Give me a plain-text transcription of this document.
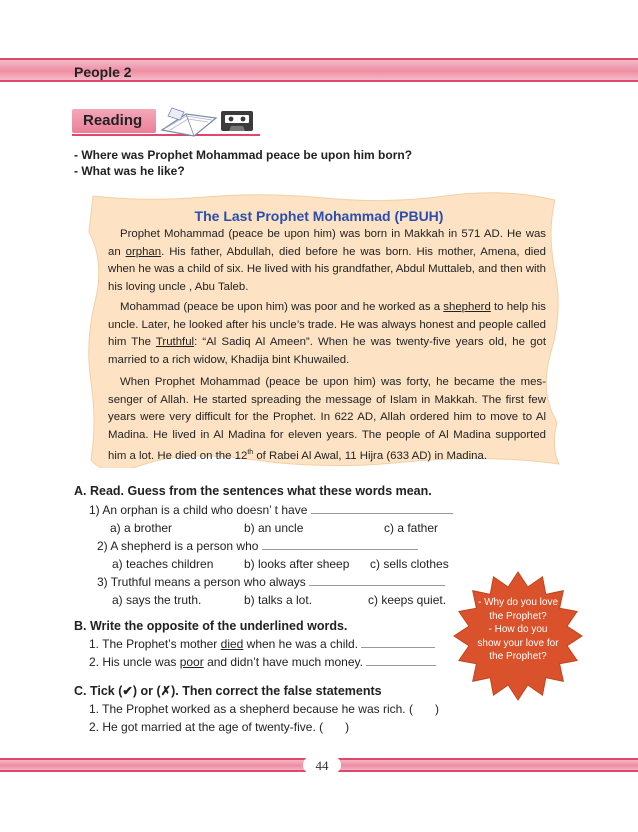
People 2
Reading
- Where was Prophet Mohammad peace be upon him born?
- What was he like?
The Last Prophet Mohammad (PBUH)
Prophet Mohammad (peace be upon him) was born in Makkah in 571 AD. He was an orphan. His father, Abdullah, died before he was born. His mother, Amena, died when he was a child of six. He lived with his grandfather, Abdul Muttaleb, and then with his loving uncle , Abu Taleb.
Mohammad (peace be upon him) was poor and he worked as a shepherd to help his uncle. Later, he looked after his uncle’s trade. He was always honest and people called him The Truthful: “Al Sadiq Al Ameen”. When he was twenty-five years old, he got married to a rich widow, Khadija bint Khuwailed.
When Prophet Mohammad (peace be upon him) was forty, he became the mes- senger of Allah. He started spreading the message of Islam in Makkah. The first few years were very difficult for the Prophet. In 622 AD, Allah ordered him to move to Al Madina. He lived in Al Madina for eleven years. The people of Al Madina supported him a lot. He died on the 12th of Rabei Al Awal, 11 Hijra (633 AD) in Madina.
A. Read. Guess from the sentences what these words mean.
1) An orphan is a child who doesn’ t have
a) a brother	b) an uncle	c) a father
2) A shepherd is a person who
a) teaches children	b) looks after sheep c) sells clothes
3) Truthful means a person who always
a) says the truth.	b) talks a lot.	c) keeps quiet.
B. Write the opposite of the underlined words.
1. The Prophet’s mother died when he was a child.
2. His uncle was poor and didn’t have much money.
C. Tick (✔) or (✗). Then correct the false statements
1. The Prophet worked as a shepherd because he was rich. ( )
2. He got married at the age of twenty-five. ( )
- Why do you love
the Prophet?
- How do you
show your love for
the Prophet?
44
